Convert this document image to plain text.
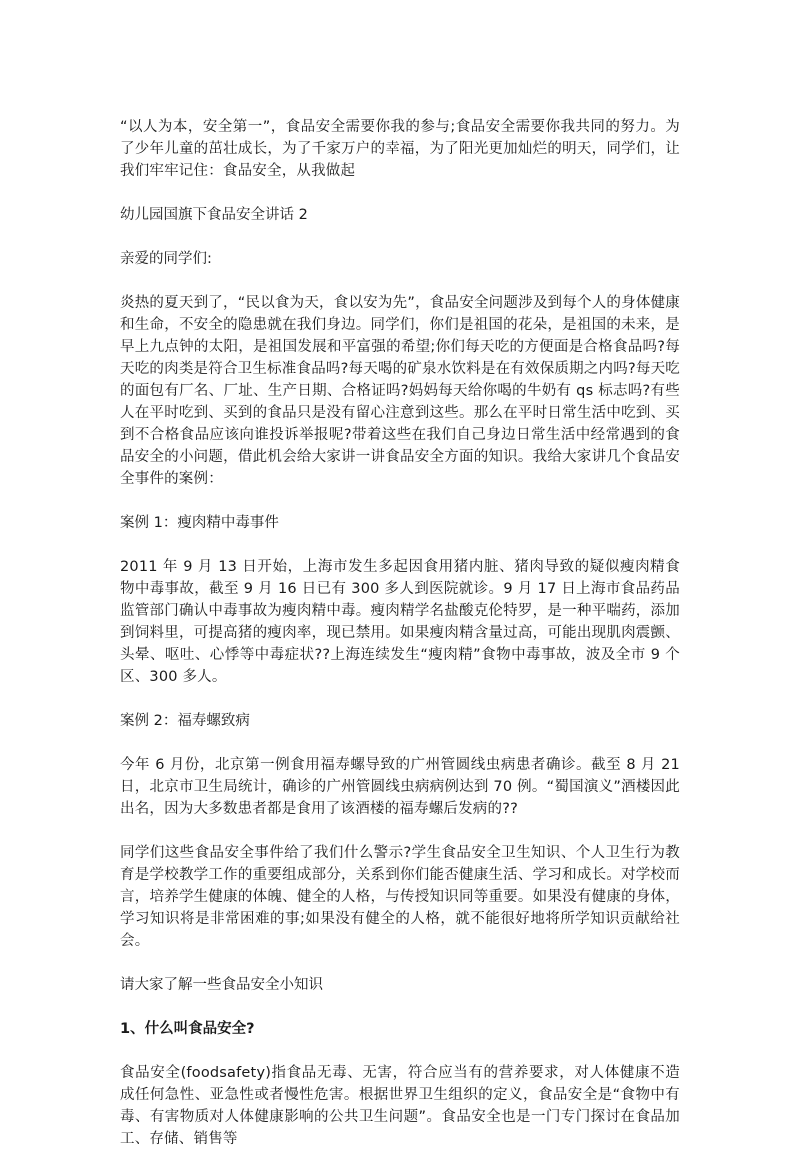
“以人为本，安全第一”，食品安全需要你我的参与;食品安全需要你我共同的努力。为了少年儿童的茁壮成长，为了千家万户的幸福，为了阳光更加灿烂的明天，同学们，让我们牢牢记住：食品安全，从我做起

幼儿园国旗下食品安全讲话 2

亲爱的同学们:

炎热的夏天到了，“民以食为天，食以安为先”，食品安全问题涉及到每个人的身体健康和生命，不安全的隐患就在我们身边。同学们，你们是祖国的花朵，是祖国的未来，是早上九点钟的太阳，是祖国发展和平富强的希望;你们每天吃的方便面是合格食品吗?每天吃的肉类是符合卫生标准食品吗?每天喝的矿泉水饮料是在有效保质期之内吗?每天吃的面包有厂名、厂址、生产日期、合格证吗?妈妈每天给你喝的牛奶有 qs 标志吗?有些人在平时吃到、买到的食品只是没有留心注意到这些。那么在平时日常生活中吃到、买到不合格食品应该向谁投诉举报呢?带着这些在我们自己身边日常生活中经常遇到的食品安全的小问题，借此机会给大家讲一讲食品安全方面的知识。我给大家讲几个食品安全事件的案例：

案例 1：瘦肉精中毒事件

2011 年 9 月 13 日开始，上海市发生多起因食用猪内脏、猪肉导致的疑似瘦肉精食物中毒事故，截至 9 月 16 日已有 300 多人到医院就诊。9 月 17 日上海市食品药品监管部门确认中毒事故为瘦肉精中毒。瘦肉精学名盐酸克伦特罗，是一种平喘药，添加到饲料里，可提高猪的瘦肉率，现已禁用。如果瘦肉精含量过高，可能出现肌肉震颤、头晕、呕吐、心悸等中毒症状??上海连续发生“瘦肉精”食物中毒事故，波及全市 9 个区、300 多人。

案例 2：福寿螺致病

今年 6 月份，北京第一例食用福寿螺导致的广州管圆线虫病患者确诊。截至 8 月 21 日，北京市卫生局统计，确诊的广州管圆线虫病病例达到 70 例。“蜀国演义”酒楼因此出名，因为大多数患者都是食用了该酒楼的福寿螺后发病的??

同学们这些食品安全事件给了我们什么警示?学生食品安全卫生知识、个人卫生行为教育是学校教学工作的重要组成部分，关系到你们能否健康生活、学习和成长。对学校而言，培养学生健康的体魄、健全的人格，与传授知识同等重要。如果没有健康的身体，学习知识将是非常困难的事;如果没有健全的人格，就不能很好地将所学知识贡献给社会。

请大家了解一些食品安全小知识

1、什么叫食品安全?

食品安全(foodsafety)指食品无毒、无害，符合应当有的营养要求，对人体健康不造成任何急性、亚急性或者慢性危害。根据世界卫生组织的定义，食品安全是“食物中有毒、有害物质对人体健康影响的公共卫生问题”。食品安全也是一门专门探讨在食品加工、存储、销售等
